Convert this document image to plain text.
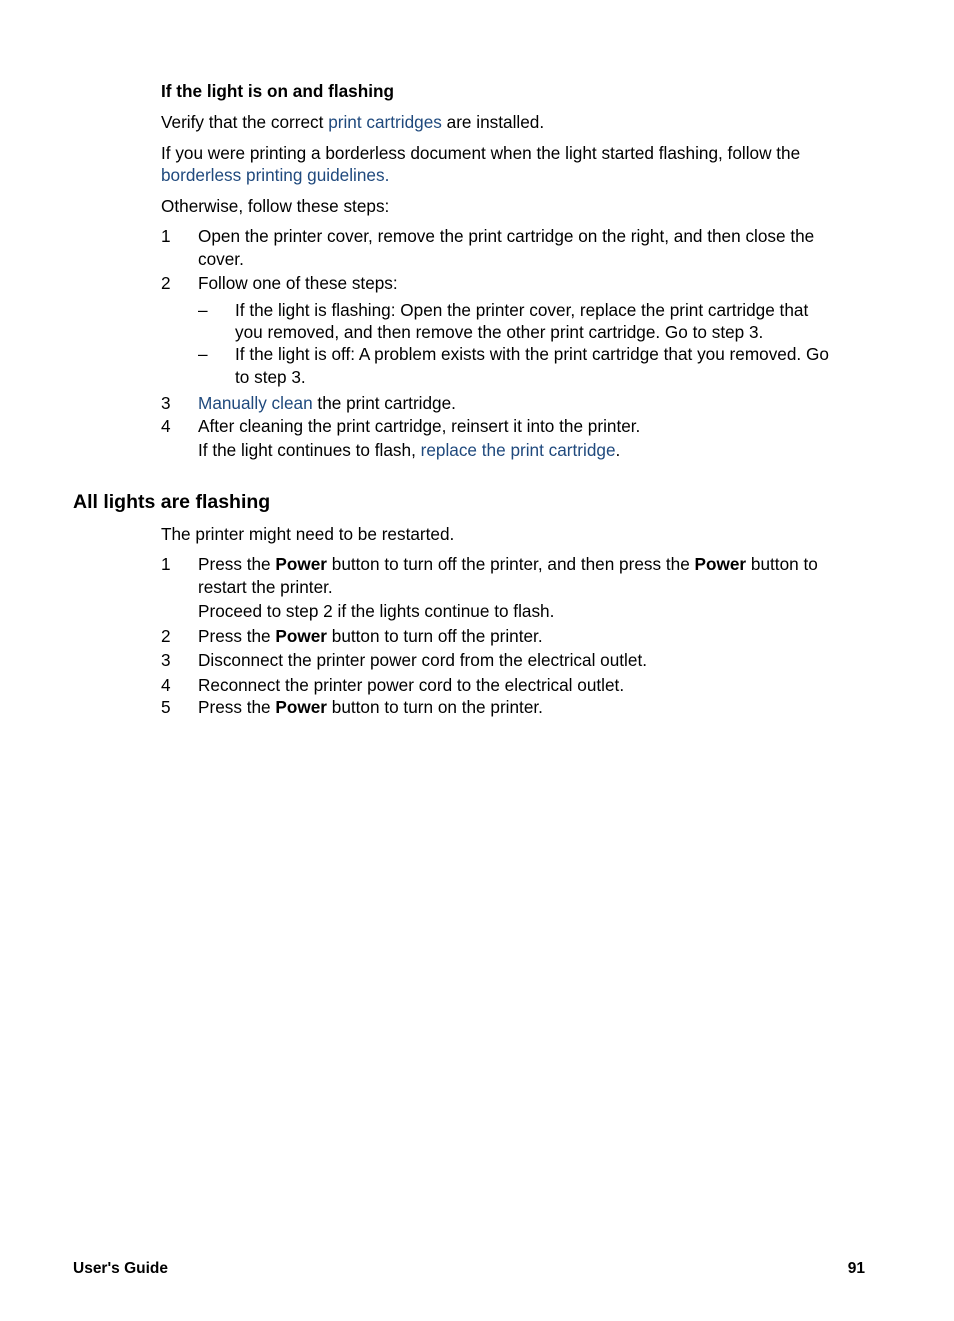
If the light is on and flashing
Verify that the correct print cartridges are installed.
If you were printing a borderless document when the light started flashing, follow the
borderless printing guidelines.
Otherwise, follow these steps:
1 Open the printer cover, remove the print cartridge on the right, and then close the
cover.
2 Follow one of these steps:
– If the light is flashing: Open the printer cover, replace the print cartridge that
you removed, and then remove the other print cartridge. Go to step 3.
– If the light is off: A problem exists with the print cartridge that you removed. Go
to step 3.
3 Manually clean the print cartridge.
4 After cleaning the print cartridge, reinsert it into the printer.
If the light continues to flash, replace the print cartridge.
All lights are flashing
The printer might need to be restarted.
1 Press the Power button to turn off the printer, and then press the Power button to
restart the printer.
Proceed to step 2 if the lights continue to flash.
2 Press the Power button to turn off the printer.
3 Disconnect the printer power cord from the electrical outlet.
4 Reconnect the printer power cord to the electrical outlet.
5 Press the Power button to turn on the printer.
User's Guide	91
